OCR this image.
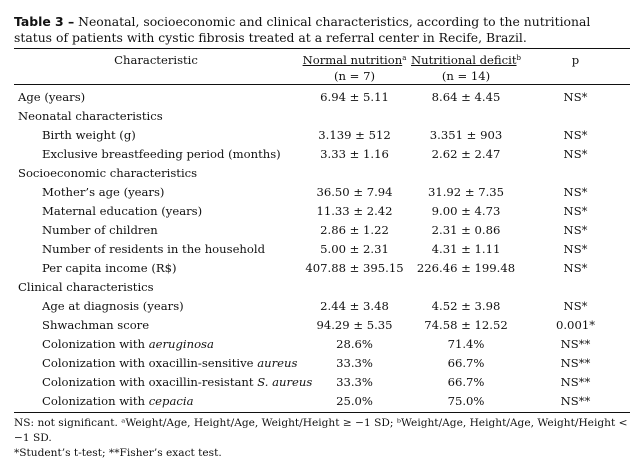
Table 3 – Neonatal, socioeconomic and clinical characteristics, according to the nutritional status of patients with cystic fibrosis treated at a referral center in Recife, Brazil.

Characteristic	Normal nutrition$^a$	Nutritional deficit$^b$	p
	(n = 7)	(n = 14)	
Age (years)	6.94 ± 5.11	8.64 ± 4.45	NS*
Neonatal characteristics			
Birth weight (g)	3.139 ± 512	3.351 ± 903	NS*
Exclusive breastfeeding period (months)	3.33 ± 1.16	2.62 ± 2.47	NS*
Socioeconomic characteristics			
Mother’s age (years)	36.50 ± 7.94	31.92 ± 7.35	NS*
Maternal education (years)	11.33 ± 2.42	9.00 ± 4.73	NS*
Number of children	2.86 ± 1.22	2.31 ± 0.86	NS*
Number of residents in the household	5.00 ± 2.31	4.31 ± 1.11	NS*
Per capita income (R$)	407.88 ± 395.15	226.46 ± 199.48	NS*
Clinical characteristics			
Age at diagnosis (years)	2.44 ± 3.48	4.52 ± 3.98	NS*
Shwachman score	94.29 ± 5.35	74.58 ± 12.52	0.001*
Colonization with aeruginosa	28.6%	71.4%	NS**
Colonization with oxacillin-sensitive aureus	33.3%	66.7%	NS**
Colonization with oxacillin-resistant S. aureus	33.3%	66.7%	NS**
Colonization with cepacia	25.0%	75.0%	NS**
NS: not significant. ᵃWeight/Age, Height/Age, Weight/Height ≥ −1 SD; ᵇWeight/Age, Height/Age, Weight/Height < −1 SD.
*Student’s t-test; **Fisher’s exact test.
